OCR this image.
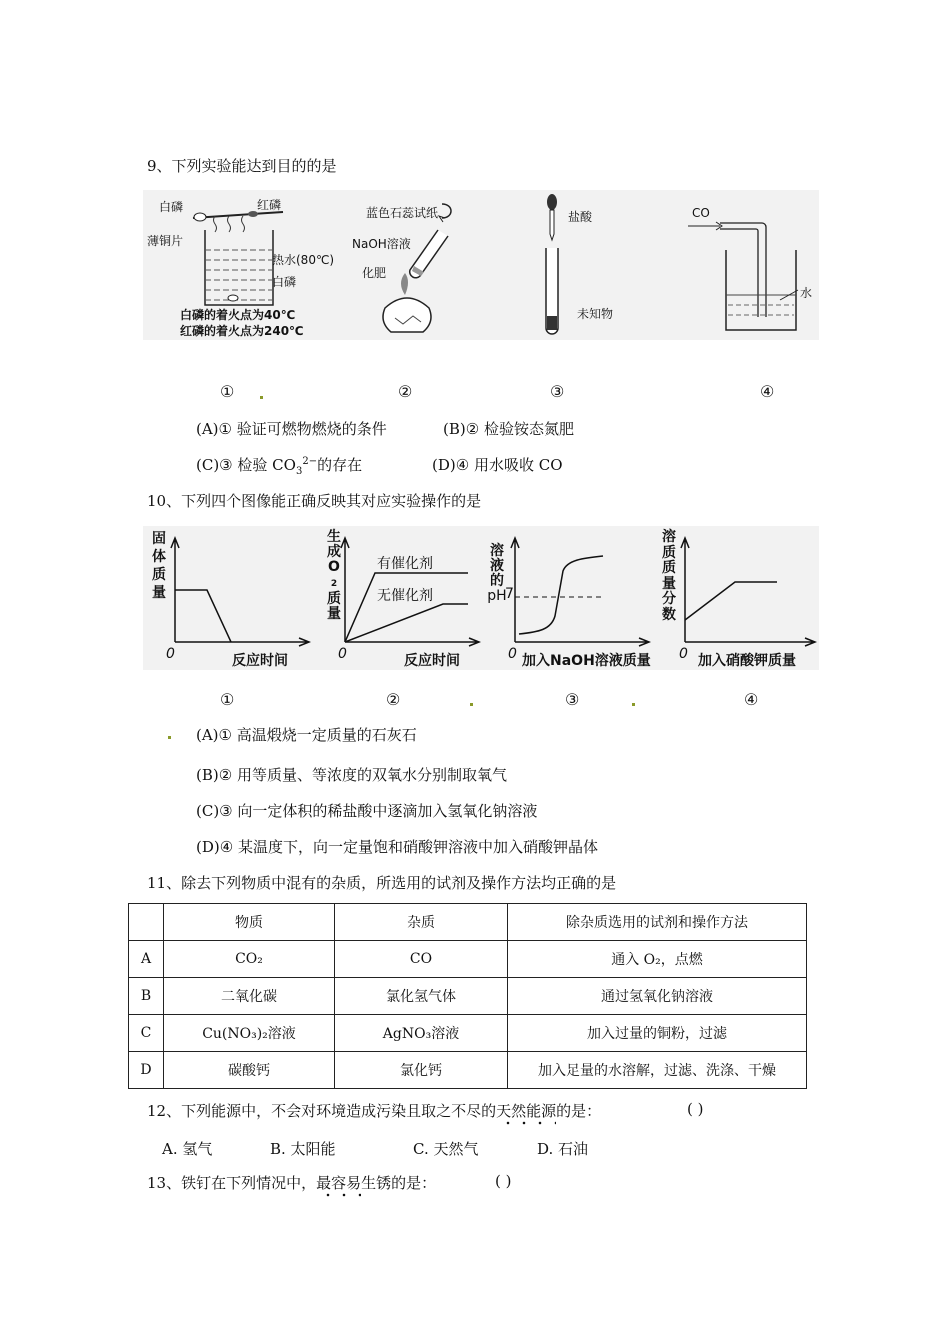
9、下列实验能达到目的的是
白磷	红磷
薄铜片
热水(80℃)
白磷
白磷的着火点为40℃
红磷的着火点为240℃
蓝色石蕊试纸
NaOH溶液
化肥
盐酸
未知物
CO
水
①	②	③	④
(A)① 验证可燃物燃烧的条件	(B)② 检验铵态氮肥
(C)③ 检验 $CO_3^{2-}$的存在	(D)④ 用水吸收 CO
10、下列四个图像能正确反映其对应实验操作的是
固
体
质
量
0	反应时间
生
成
O
2
质
量
0	反应时间
有催化剂
无催化剂
溶
液
的
pH
7
0 加入NaOH溶液质量
溶
质
质
量
分
数
0 加入硝酸钾质量
①	②	③	④
(A)① 高温煅烧一定质量的石灰石
(B)② 用等质量、等浓度的双氧水分别制取氧气
(C)③ 向一定体积的稀盐酸中逐滴加入氢氧化钠溶液
(D)④ 某温度下，向一定量饱和硝酸钾溶液中加入硝酸钾晶体
11、除去下列物质中混有的杂质，所选用的试剂及操作方法均正确的是
	物质	杂质	除杂质选用的试剂和操作方法
A	CO₂	CO	通入 O₂，点燃
B	二氧化碳	氯化氢气体	通过氢氧化钠溶液
C	Cu(NO₃)₂溶液	AgNO₃溶液	加入过量的铜粉，过滤
D	碳酸钙	氯化钙	加入足量的水溶解，过滤、洗涤、干燥
12、下列能源中，不会对环境造成污染且取之不尽的天然能源的是：	( )
A. 氢气	B. 太阳能	C. 天然气	D. 石油
13、铁钉在下列情况中，最容易生锈的是：	( )
